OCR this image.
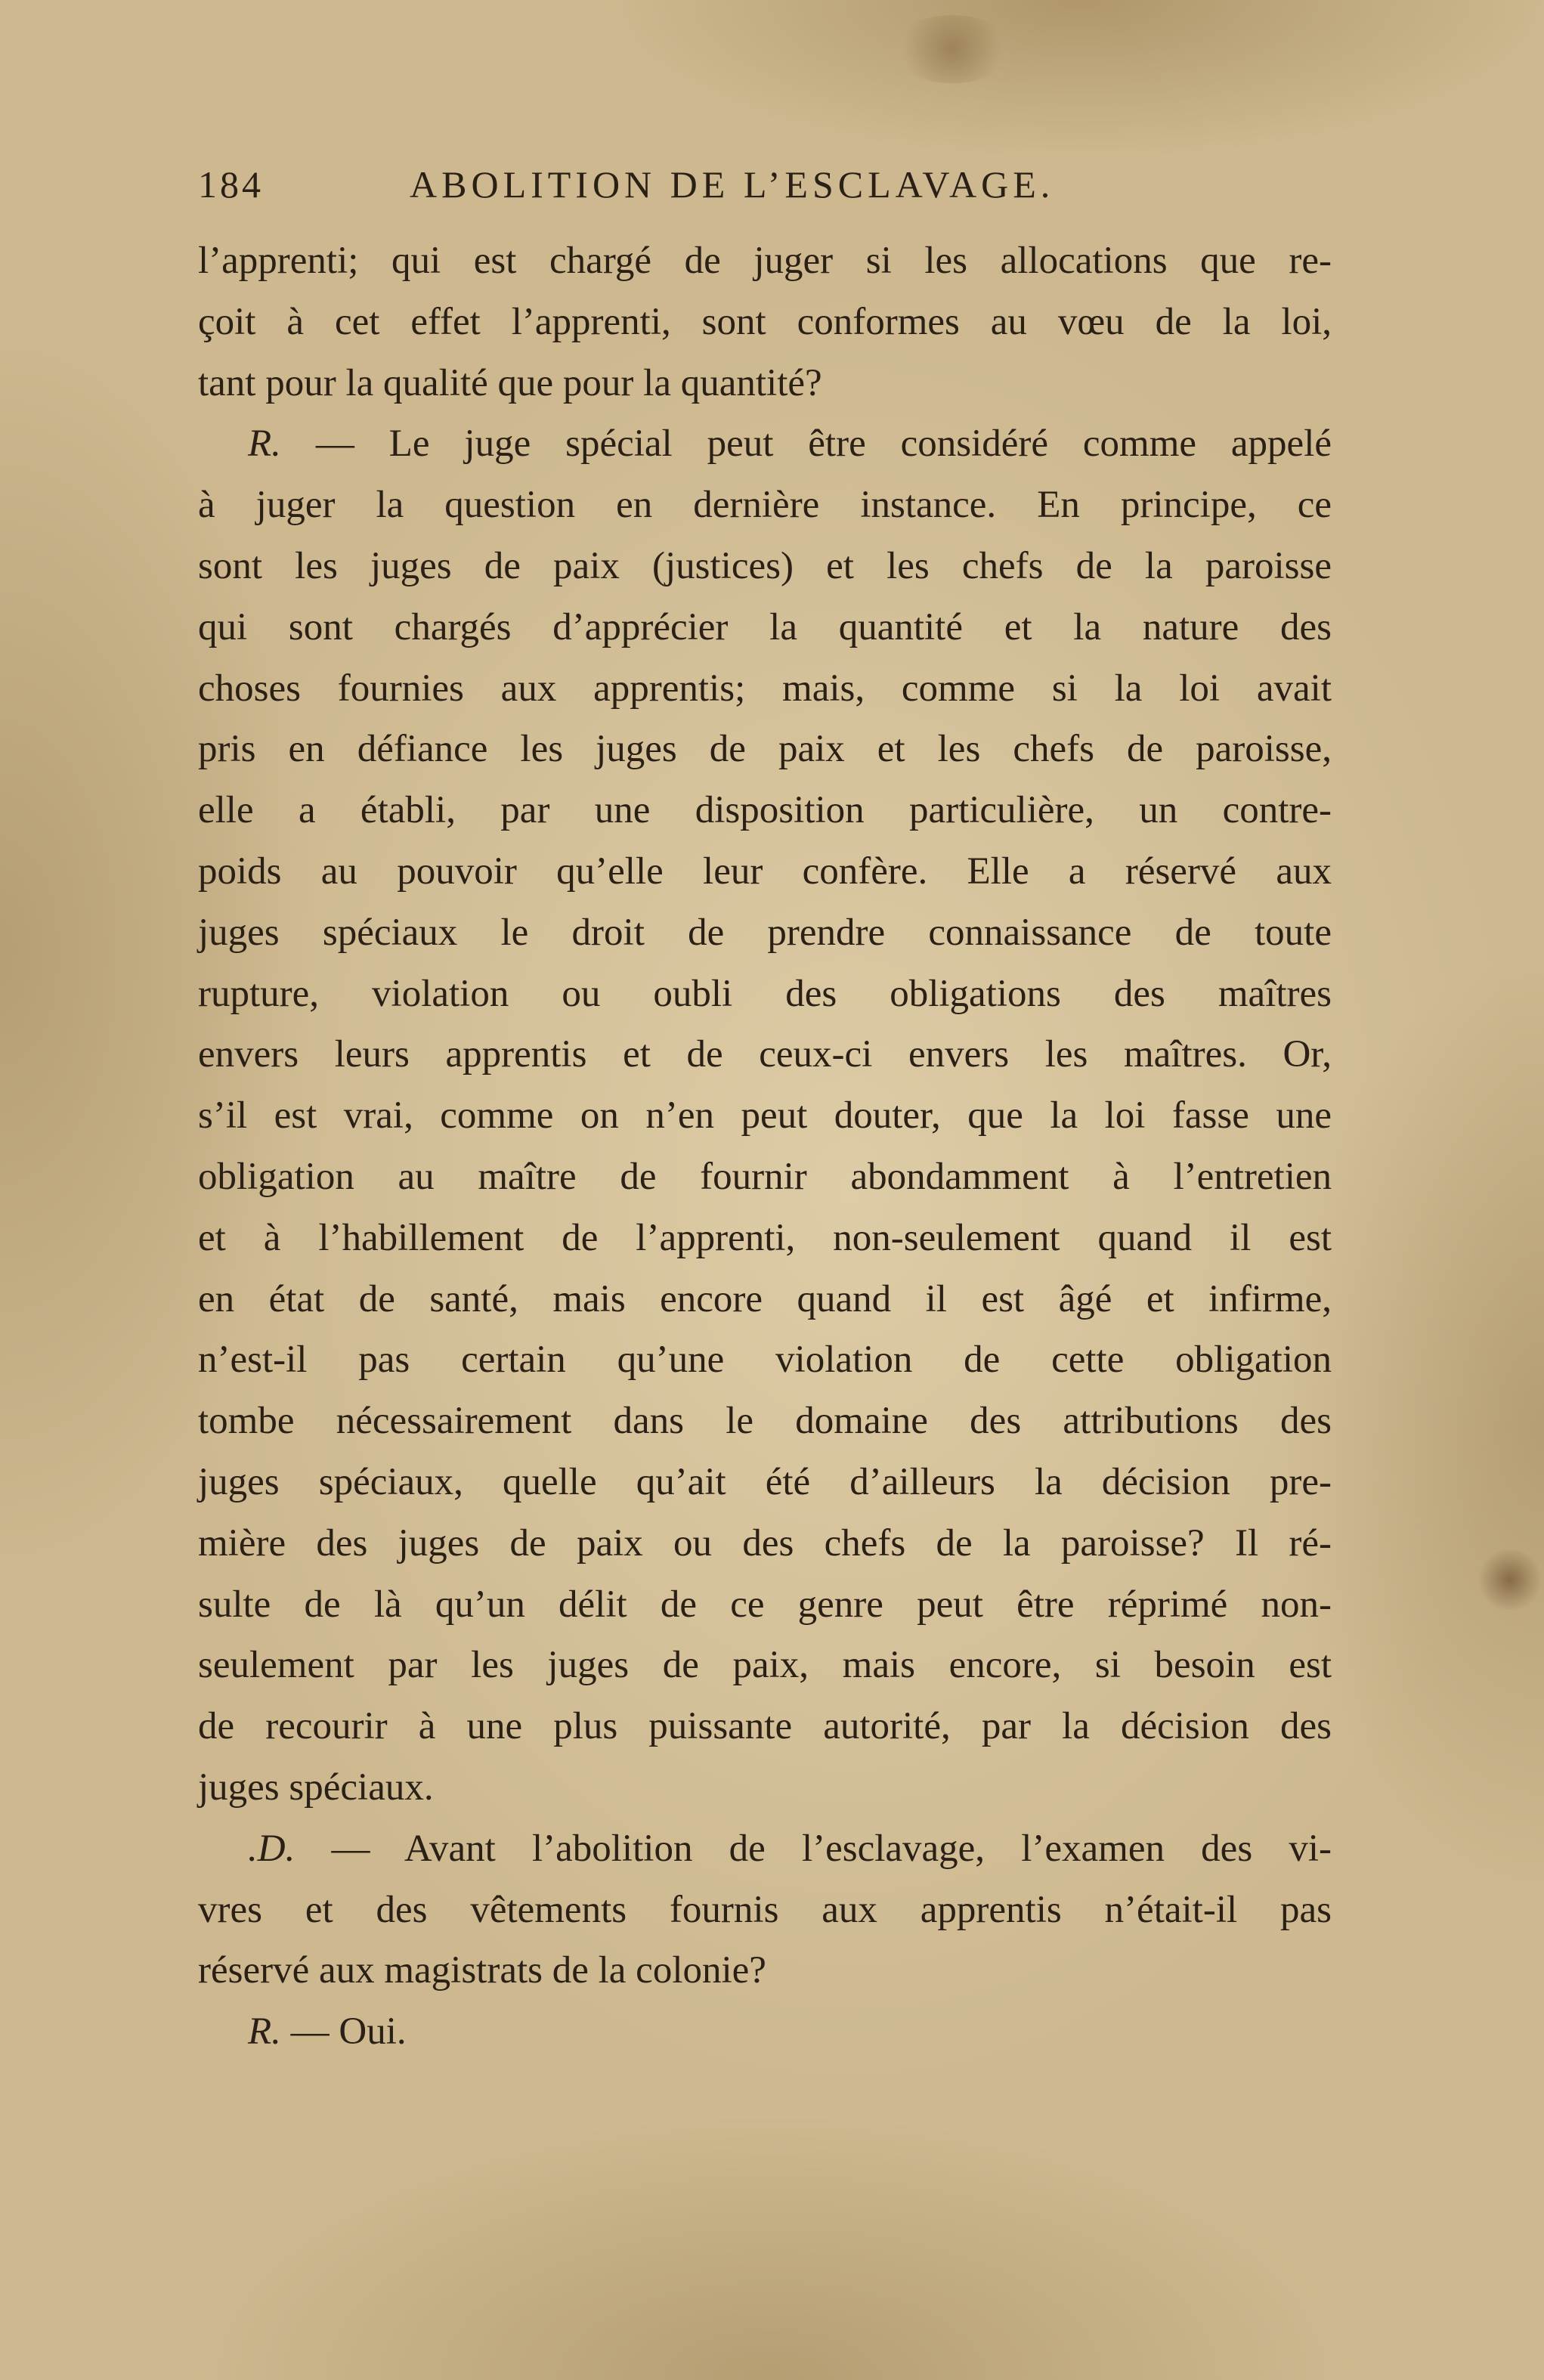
184	ABOLITION DE L’ESCLAVAGE.
l’apprenti; qui est chargé de juger si les allocations que re-
çoit à cet effet l’apprenti, sont conformes au vœu de la loi,
tant pour la qualité que pour la quantité?
R. — Le juge spécial peut être considéré comme appelé
à juger la question en dernière instance. En principe, ce
sont les juges de paix (justices) et les chefs de la paroisse
qui sont chargés d’apprécier la quantité et la nature des
choses fournies aux apprentis; mais, comme si la loi avait
pris en défiance les juges de paix et les chefs de paroisse,
elle a établi, par une disposition particulière, un contre-
poids au pouvoir qu’elle leur confère. Elle a réservé aux
juges spéciaux le droit de prendre connaissance de toute
rupture, violation ou oubli des obligations des maîtres
envers leurs apprentis et de ceux-ci envers les maîtres. Or,
s’il est vrai, comme on n’en peut douter, que la loi fasse une
obligation au maître de fournir abondamment à l’entretien
et à l’habillement de l’apprenti, non-seulement quand il est
en état de santé, mais encore quand il est âgé et infirme,
n’est-il pas certain qu’une violation de cette obligation
tombe nécessairement dans le domaine des attributions des
juges spéciaux, quelle qu’ait été d’ailleurs la décision pre-
mière des juges de paix ou des chefs de la paroisse? Il ré-
sulte de là qu’un délit de ce genre peut être réprimé non-
seulement par les juges de paix, mais encore, si besoin est
de recourir à une plus puissante autorité, par la décision des
juges spéciaux.
.D. — Avant l’abolition de l’esclavage, l’examen des vi-
vres et des vêtements fournis aux apprentis n’était-il pas
réservé aux magistrats de la colonie?
R. — Oui.
